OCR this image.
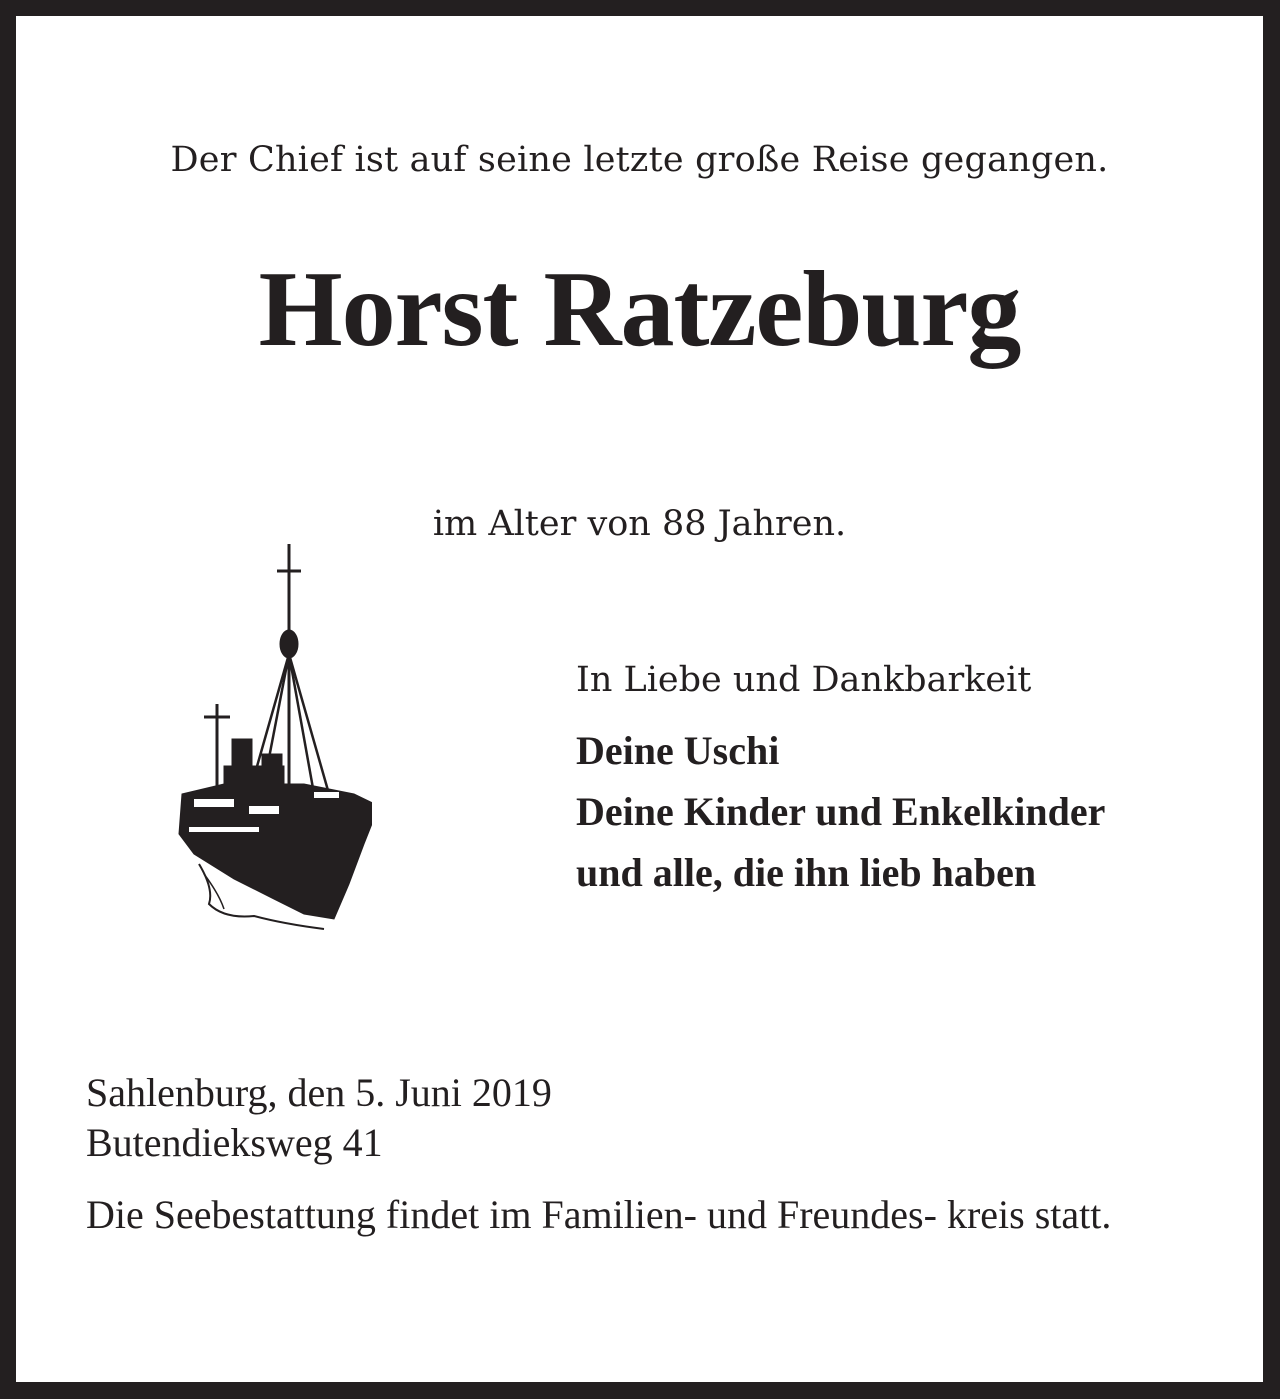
Der Chief ist auf seine letzte große Reise gegangen.
Horst Ratzeburg
im Alter von 88 Jahren.
In Liebe und Dankbarkeit
Deine Uschi
Deine Kinder und Enkelkinder
und alle, die ihn lieb haben
Sahlenburg, den 5. Juni 2019
Butendieksweg 41
Die Seebestattung findet im Familien- und Freundes- kreis statt.
